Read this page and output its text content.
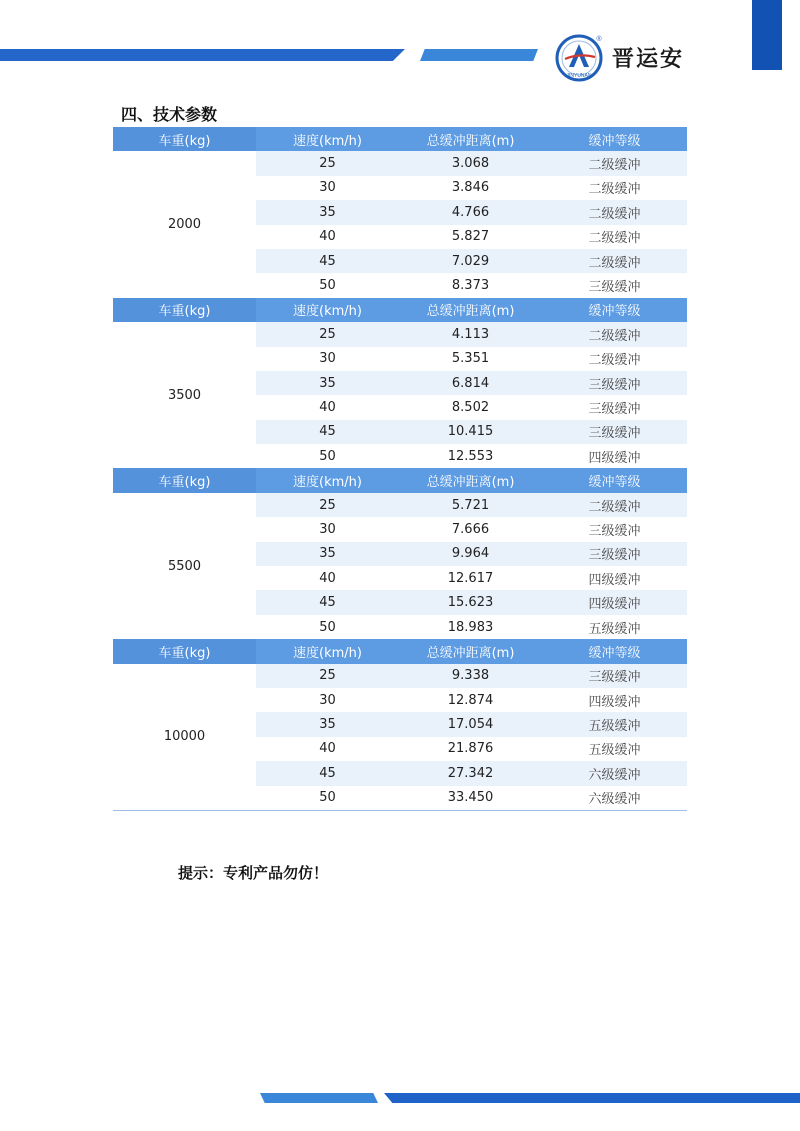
JINYUNAN
®
晋运安
四、技术参数
车重(kg)	速度(km/h)	总缓冲距离(m)	缓冲等级
2000	25	3.068	二级缓冲
	30	3.846	二级缓冲
	35	4.766	二级缓冲
	40	5.827	二级缓冲
	45	7.029	二级缓冲
	50	8.373	三级缓冲
车重(kg)	速度(km/h)	总缓冲距离(m)	缓冲等级
3500	25	4.113	二级缓冲
	30	5.351	二级缓冲
	35	6.814	三级缓冲
	40	8.502	三级缓冲
	45	10.415	三级缓冲
	50	12.553	四级缓冲
车重(kg)	速度(km/h)	总缓冲距离(m)	缓冲等级
5500	25	5.721	二级缓冲
	30	7.666	三级缓冲
	35	9.964	三级缓冲
	40	12.617	四级缓冲
	45	15.623	四级缓冲
	50	18.983	五级缓冲
车重(kg)	速度(km/h)	总缓冲距离(m)	缓冲等级
10000	25	9.338	三级缓冲
	30	12.874	四级缓冲
	35	17.054	五级缓冲
	40	21.876	五级缓冲
	45	27.342	六级缓冲
	50	33.450	六级缓冲
提示：专利产品勿仿！
